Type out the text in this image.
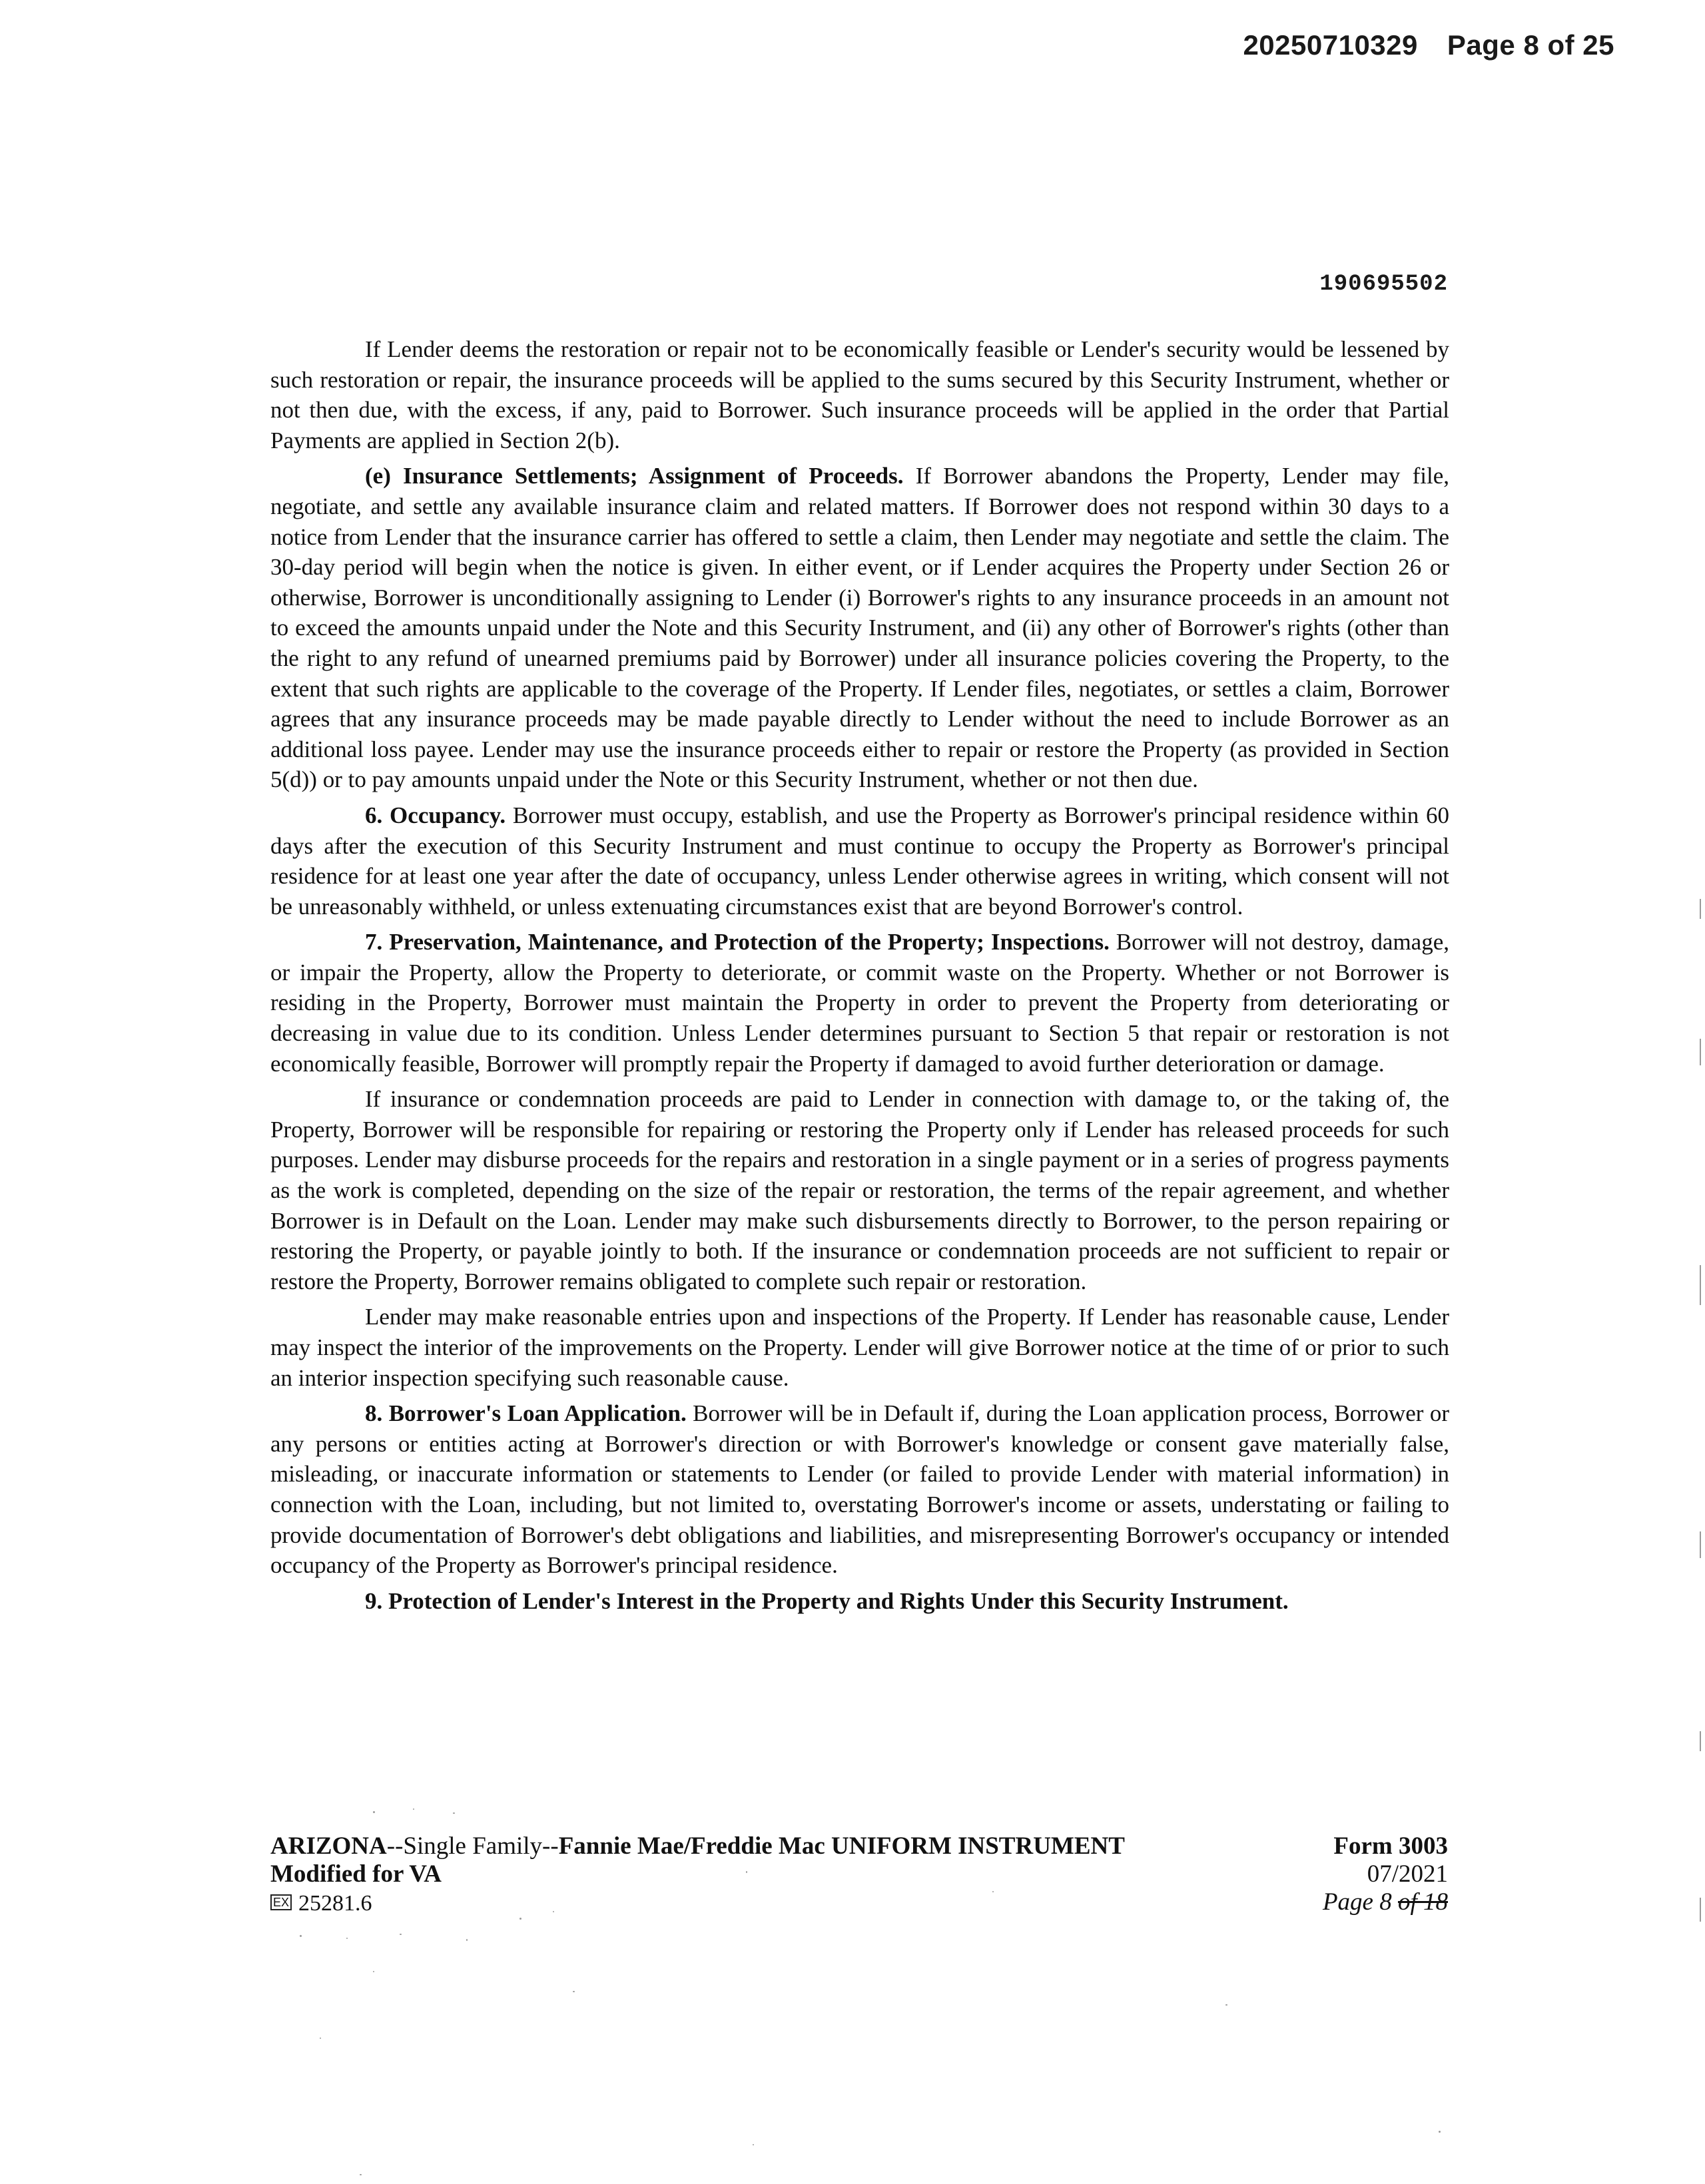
20250710329 Page 8 of 25
190695502

If Lender deems the restoration or repair not to be economically feasible or Lender's security would be lessened by such restoration or repair, the insurance proceeds will be applied to the sums secured by this Security Instrument, whether or not then due, with the excess, if any, paid to Borrower. Such insurance proceeds will be applied in the order that Partial Payments are applied in Section 2(b).

(e) Insurance Settlements; Assignment of Proceeds. If Borrower abandons the Property, Lender may file, negotiate, and settle any available insurance claim and related matters. If Borrower does not respond within 30 days to a notice from Lender that the insurance carrier has offered to settle a claim, then Lender may negotiate and settle the claim. The 30-day period will begin when the notice is given. In either event, or if Lender acquires the Property under Section 26 or otherwise, Borrower is unconditionally assigning to Lender (i) Borrower's rights to any insurance proceeds in an amount not to exceed the amounts unpaid under the Note and this Security Instrument, and (ii) any other of Borrower's rights (other than the right to any refund of unearned premiums paid by Borrower) under all insurance policies covering the Property, to the extent that such rights are applicable to the coverage of the Property. If Lender files, negotiates, or settles a claim, Borrower agrees that any insurance proceeds may be made payable directly to Lender without the need to include Borrower as an additional loss payee. Lender may use the insurance proceeds either to repair or restore the Property (as provided in Section 5(d)) or to pay amounts unpaid under the Note or this Security Instrument, whether or not then due.

6. Occupancy. Borrower must occupy, establish, and use the Property as Borrower's principal residence within 60 days after the execution of this Security Instrument and must continue to occupy the Property as Borrower's principal residence for at least one year after the date of occupancy, unless Lender otherwise agrees in writing, which consent will not be unreasonably withheld, or unless extenuating circumstances exist that are beyond Borrower's control.

7. Preservation, Maintenance, and Protection of the Property; Inspections. Borrower will not destroy, damage, or impair the Property, allow the Property to deteriorate, or commit waste on the Property. Whether or not Borrower is residing in the Property, Borrower must maintain the Property in order to prevent the Property from deteriorating or decreasing in value due to its condition. Unless Lender determines pursuant to Section 5 that repair or restoration is not economically feasible, Borrower will promptly repair the Property if damaged to avoid further deterioration or damage.

If insurance or condemnation proceeds are paid to Lender in connection with damage to, or the taking of, the Property, Borrower will be responsible for repairing or restoring the Property only if Lender has released proceeds for such purposes. Lender may disburse proceeds for the repairs and restoration in a single payment or in a series of progress payments as the work is completed, depending on the size of the repair or restoration, the terms of the repair agreement, and whether Borrower is in Default on the Loan. Lender may make such disbursements directly to Borrower, to the person repairing or restoring the Property, or payable jointly to both. If the insurance or condemnation proceeds are not sufficient to repair or restore the Property, Borrower remains obligated to complete such repair or restoration.

Lender may make reasonable entries upon and inspections of the Property. If Lender has reasonable cause, Lender may inspect the interior of the improvements on the Property. Lender will give Borrower notice at the time of or prior to such an interior inspection specifying such reasonable cause.

8. Borrower's Loan Application. Borrower will be in Default if, during the Loan application process, Borrower or any persons or entities acting at Borrower's direction or with Borrower's knowledge or consent gave materially false, misleading, or inaccurate information or statements to Lender (or failed to provide Lender with material information) in connection with the Loan, including, but not limited to, overstating Borrower's income or assets, understating or failing to provide documentation of Borrower's debt obligations and liabilities, and misrepresenting Borrower's occupancy or intended occupancy of the Property as Borrower's principal residence.

9. Protection of Lender's Interest in the Property and Rights Under this Security Instrument.

ARIZONA--Single Family--Fannie Mae/Freddie Mac UNIFORM INSTRUMENT
Modified for VA
EX 25281.6
Form 3003
07/2021
Page 8 of 18
